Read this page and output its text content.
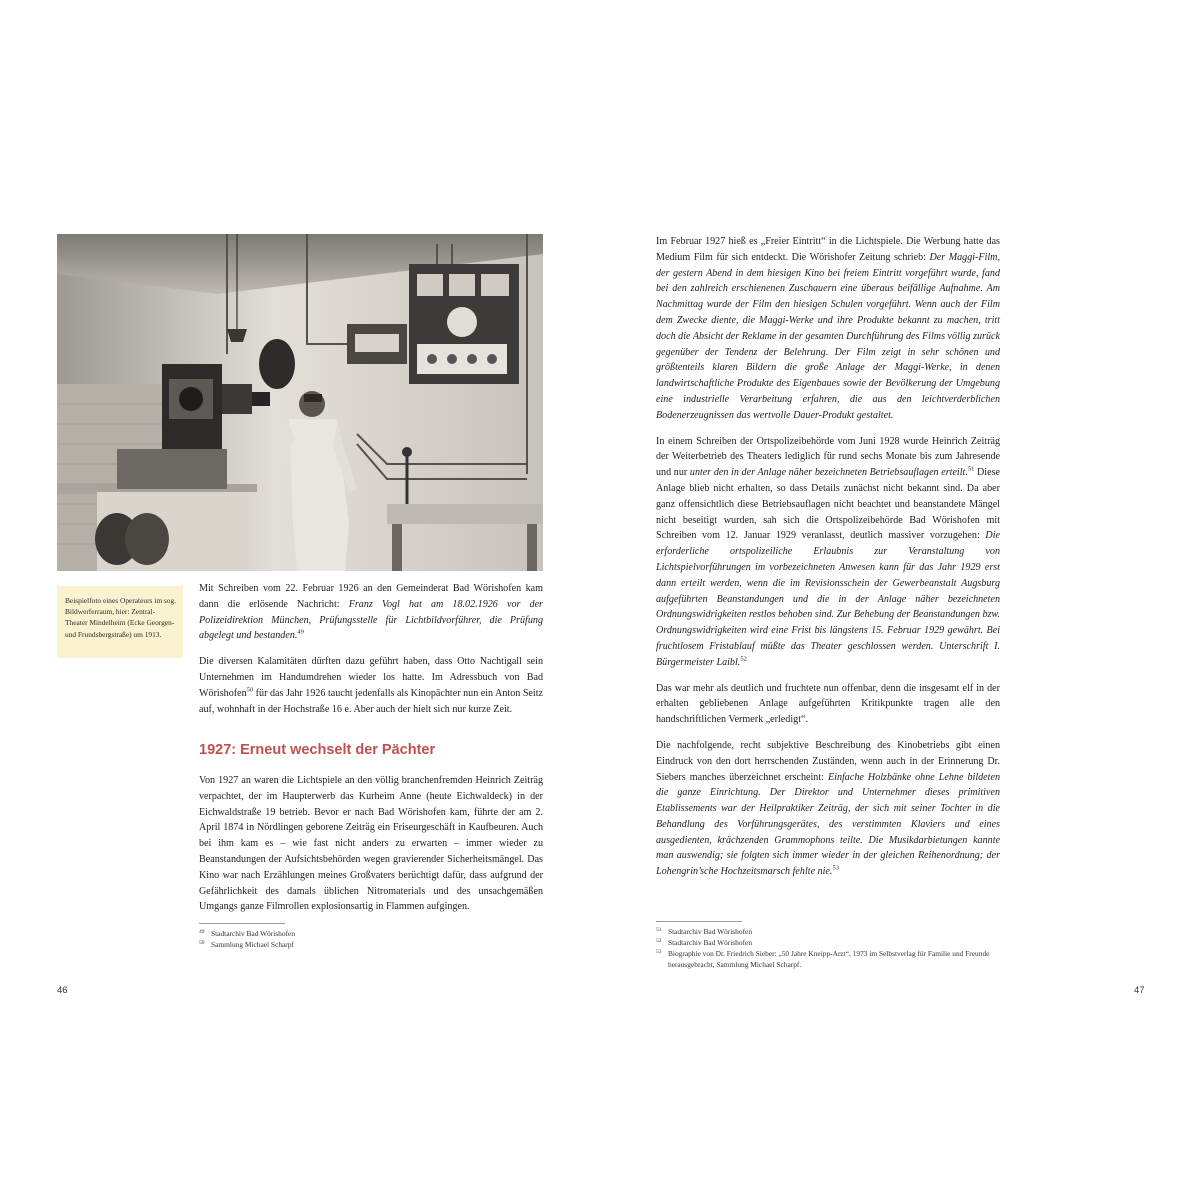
Beispielfoto eines Operateurs im sog. Bildwerferraum, hier: Zentral-Theater Mindelheim (Ecke Georgen- und Frundsbergstraße) um 1913.

Mit Schreiben vom 22. Februar 1926 an den Gemeinderat Bad Wörishofen kam dann die erlösende Nachricht: Franz Vogl hat am 18.02.1926 vor der Polizeidirektion München, Prüfungsstelle für Lichtbildvorführer, die Prüfung abgelegt und bestanden.$^{49}$

Die diversen Kalamitäten dürften dazu geführt haben, dass Otto Nachtigall sein Unternehmen im Handumdrehen wieder los hatte. Im Adressbuch von Bad Wörishofen$^{50}$ für das Jahr 1926 taucht jedenfalls als Kinopächter nun ein Anton Seitz auf, wohnhaft in der Hochstraße 16 e. Aber auch der hielt sich nur kurze Zeit.

1927: Erneut wechselt der Pächter

Von 1927 an waren die Lichtspiele an den völlig branchenfremden Heinrich Zeiträg verpachtet, der im Haupterwerb das Kurheim Anne (heute Eichwaldeck) in der Eichwaldstraße 19 betrieb. Bevor er nach Bad Wörishofen kam, führte der am 2. April 1874 in Nördlingen geborene Zeiträg ein Friseurgeschäft in Kaufbeuren. Auch bei ihm kam es – wie fast nicht anders zu erwarten – immer wieder zu Beanstandungen der Aufsichtsbehörden wegen gravierender Sicherheitsmängel. Das Kino war nach Erzählungen meines Großvaters berüchtigt dafür, dass aufgrund der Gefährlichkeit des damals üblichen Nitromaterials und des unsachgemäßen Umgangs ganze Filmrollen explosionsartig in Flammen aufgingen.

49 Stadtarchiv Bad Wörishofen
50 Sammlung Michael Scharpf
46

Im Februar 1927 hieß es „Freier Eintritt“ in die Lichtspiele. Die Werbung hatte das Medium Film für sich entdeckt. Die Wörishofer Zeitung schrieb: Der Maggi-Film, der gestern Abend in dem hiesigen Kino bei freiem Eintritt vorgeführt wurde, fand bei den zahlreich erschienenen Zuschauern eine überaus beifällige Aufnahme. Am Nachmittag wurde der Film den hiesigen Schulen vorgeführt. Wenn auch der Film dem Zwecke diente, die Maggi-Werke und ihre Produkte bekannt zu machen, tritt doch die Absicht der Reklame in der gesamten Durchführung des Films völlig zurück gegenüber der Tendenz der Belehrung. Der Film zeigt in sehr schönen und größtenteils klaren Bildern die große Anlage der Maggi-Werke, in denen landwirtschaftliche Produkte des Eigenbaues sowie der Bevölkerung der Umgebung eine industrielle Verarbeitung erfahren, die aus den leichtverderblichen Bodenerzeugnissen das wertvolle Dauer-Produkt gestaltet.

In einem Schreiben der Ortspolizeibehörde vom Juni 1928 wurde Heinrich Zeiträg der Weiterbetrieb des Theaters lediglich für rund sechs Monate bis zum Jahresende und nur unter den in der Anlage näher bezeichneten Betriebsauflagen erteilt.$^{51}$ Diese Anlage blieb nicht erhalten, so dass Details zunächst nicht bekannt sind. Da aber ganz offensichtlich diese Betriebsauflagen nicht beachtet und beanstandete Mängel nicht beseitigt wurden, sah sich die Ortspolizeibehörde Bad Wörishofen mit Schreiben vom 12. Januar 1929 veranlasst, deutlich massiver vorzugehen: Die erforderliche ortspolizeiliche Erlaubnis zur Veranstaltung von Lichtspielvorführungen im vorbezeichneten Anwesen kann für das Jahr 1929 erst dann erteilt werden, wenn die im Revisionsschein der Gewerbeanstalt Augsburg aufgeführten Beanstandungen und die in der Anlage näher bezeichneten Ordnungswidrigkeiten restlos behoben sind. Zur Behebung der Beanstandungen bzw. Ordnungswidrigkeiten wird eine Frist bis längstens 15. Februar 1929 gewährt. Bei fruchtlosem Fristablauf müßte das Theater geschlossen werden. Unterschrift I. Bürgermeister Laibl.$^{52}$

Das war mehr als deutlich und fruchtete nun offenbar, denn die insgesamt elf in der erhalten gebliebenen Anlage aufgeführten Kritikpunkte tragen alle den handschriftlichen Vermerk „erledigt“.

Die nachfolgende, recht subjektive Beschreibung des Kinobetriebs gibt einen Eindruck von den dort herrschenden Zuständen, wenn auch in der Erinnerung Dr. Siebers manches überzeichnet erscheint: Einfache Holzbänke ohne Lehne bildeten die ganze Einrichtung. Der Direktor und Unternehmer dieses primitiven Etablissements war der Heilpraktiker Zeiträg, der sich mit seiner Tochter in die Behandlung des Vorführungsgerätes, des verstimmten Klaviers und eines ausgedienten, krächzenden Grammophons teilte. Die Musikdarbietungen kannte man auswendig; sie folgten sich immer wieder in der gleichen Reihenordnung; der Lohengrin’sche Hochzeitsmarsch fehlte nie.$^{53}$

51 Stadtarchiv Bad Wörishofen
52 Stadtarchiv Bad Wörishofen
53 Biographie von Dr. Friedrich Sieber: „50 Jahre Kneipp-Arzt“, 1973 im Selbstverlag für Familie und Freunde herausgebracht, Sammlung Michael Scharpf.
47
